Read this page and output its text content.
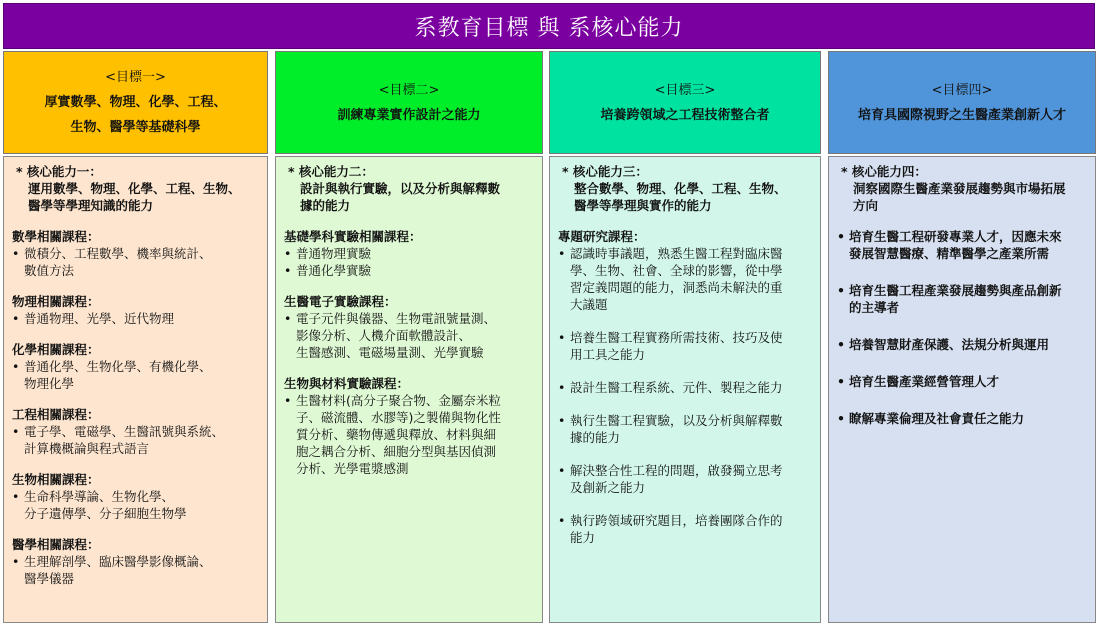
系教育目標 與 系核心能力
<目標一>
厚實數學、物理、化學、工程、
生物、醫學等基礎科學
<目標二>
訓練專業實作設計之能力
<目標三>
培養跨領域之工程技術整合者
<目標四>
培育具國際視野之生醫產業創新人才
* 核心能力一：
運用數學、物理、化學、工程、生物、
醫學等學理知識的能力
數學相關課程：
• 微積分、工程數學、機率與統計、
數值方法
物理相關課程：
• 普通物理、光學、近代物理
化學相關課程：
• 普通化學、生物化學、有機化學、
物理化學
工程相關課程：
• 電子學、電磁學、生醫訊號與系統、
計算機概論與程式語言
生物相關課程：
• 生命科學導論、生物化學、
分子遺傳學、分子細胞生物學
醫學相關課程：
• 生理解剖學、臨床醫學影像概論、
醫學儀器
* 核心能力二：
設計與執行實驗，以及分析與解釋數
據的能力
基礎學科實驗相關課程：
• 普通物理實驗
• 普通化學實驗
生醫電子實驗課程：
• 電子元件與儀器、生物電訊號量測、
影像分析、人機介面軟體設計、
生醫感測、電磁場量測、光學實驗
生物與材料實驗課程：
• 生醫材料(高分子聚合物、金屬奈米粒
子、磁流體、水膠等)之製備與物化性
質分析、藥物傳遞與釋放、材料與細
胞之耦合分析、細胞分型與基因偵測
分析、光學電漿感測
* 核心能力三：
整合數學、物理、化學、工程、生物、
醫學等學理與實作的能力
專題研究課程：
• 認識時事議題，熟悉生醫工程對臨床醫
學、生物、社會、全球的影響，從中學
習定義問題的能力，洞悉尚未解決的重
大議題
• 培養生醫工程實務所需技術、技巧及使
用工具之能力
• 設計生醫工程系統、元件、製程之能力
• 執行生醫工程實驗，以及分析與解釋數
據的能力
• 解決整合性工程的問題，啟發獨立思考
及創新之能力
• 執行跨領域研究題目，培養團隊合作的
能力
* 核心能力四：
洞察國際生醫產業發展趨勢與市場拓展
方向
• 培育生醫工程研發專業人才，因應未來
發展智慧醫療、精準醫學之產業所需
• 培育生醫工程產業發展趨勢與產品創新
的主導者
• 培養智慧財產保護、法規分析與運用
• 培育生醫產業經營管理人才
• 瞭解專業倫理及社會責任之能力
